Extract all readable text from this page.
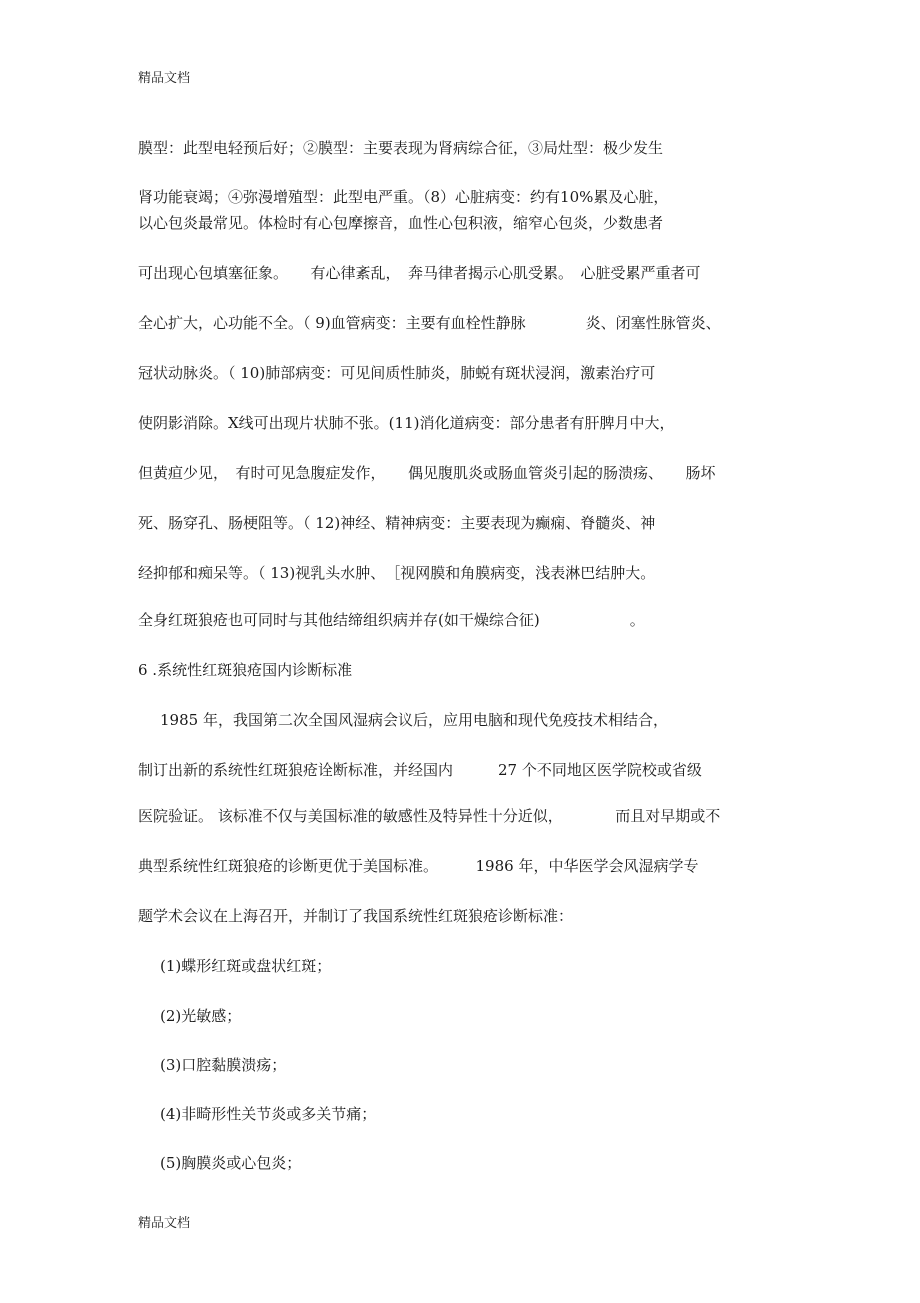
精品文档
膜型：此型电轻预后好；②膜型：主要表现为肾病综合征，③局灶型：极少发生
肾功能衰竭；④弥漫增殖型：此型电严重。（8）心脏病变：约有10%累及心脏，
以心包炎最常见。体检时有心包摩擦音，血性心包积液，缩窄心包炎，少数患者
可出现心包填塞征象。　　有心律紊乱，　奔马律者揭示心肌受累。　心脏受累严重者可
全心扩大，心功能不全。（ 9)血管病变：主要有血栓性静脉　　　　炎、闭塞性脉管炎、
冠状动脉炎。（ 10)肺部病变：可见间质性肺炎，肺蜕有斑状浸润，激素治疗可
使阴影消除。X线可出现片状肺不张。(11)消化道病变：部分患者有肝脾月中大，
但黄疸少见，　有时可见急腹症发作，　　偶见腹肌炎或肠血管炎引起的肠溃疡、　　肠坏
死、肠穿孔、肠梗阻等。（ 12)神经、精神病变：主要表现为癫痫、脊髓炎、神
经抑郁和痴呆等。（ 13)视乳头水肿、　［视网膜和角膜病变，浅表淋巴结肿大。
全身红斑狼疮也可同时与其他结缔组织病并存(如干燥综合征)　　　　　　。
6 .系统性红斑狼疮国内诊断标准
1985 年，我国第二次全国风湿病会议后，应用电脑和现代免疫技术相结合，
制订出新的系统性红斑狼疮诠断标准，并经国内　　　27 个不同地区医学院校或省级
医院验证。 该标准不仅与美国标准的敏感性及特异性十分近似，　　　　而且对早期或不
典型系统性红斑狼疮的诊断更优于美国标准。　　　1986 年，中华医学会风湿病学专
题学术会议在上海召开，并制订了我国系统性红斑狼疮诊断标准：
(1)蝶形红斑或盘状红斑；
(2)光敏感；
(3)口腔黏膜溃疡；
(4)非畸形性关节炎或多关节痛；
(5)胸膜炎或心包炎；
精品文档
